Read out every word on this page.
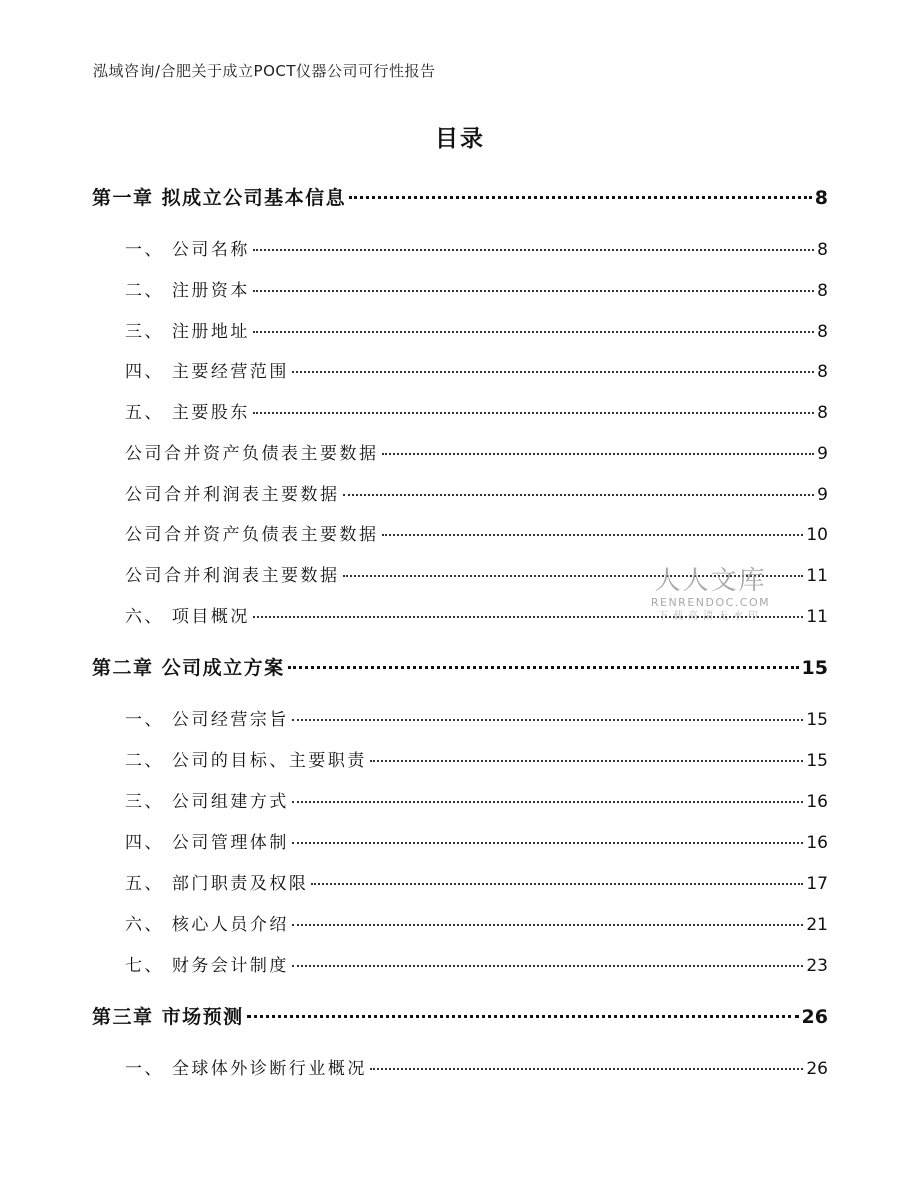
泓域咨询/合肥关于成立POCT仪器公司可行性报告
目录
第一章 拟成立公司基本信息	8
一、 公司名称	8
二、 注册资本	8
三、 注册地址	8
四、 主要经营范围	8
五、 主要股东	8
公司合并资产负债表主要数据	9
公司合并利润表主要数据	9
公司合并资产负债表主要数据	10
公司合并利润表主要数据	11
六、 项目概况	11
第二章 公司成立方案	15
一、 公司经营宗旨	15
二、 公司的目标、主要职责	15
三、 公司组建方式	16
四、 公司管理体制	16
五、 部门职责及权限	17
六、 核心人员介绍	21
七、 财务会计制度	23
第三章 市场预测	26
一、 全球体外诊断行业概况	26
人人文库
RENRENDOC.COM
下载高清无水印
